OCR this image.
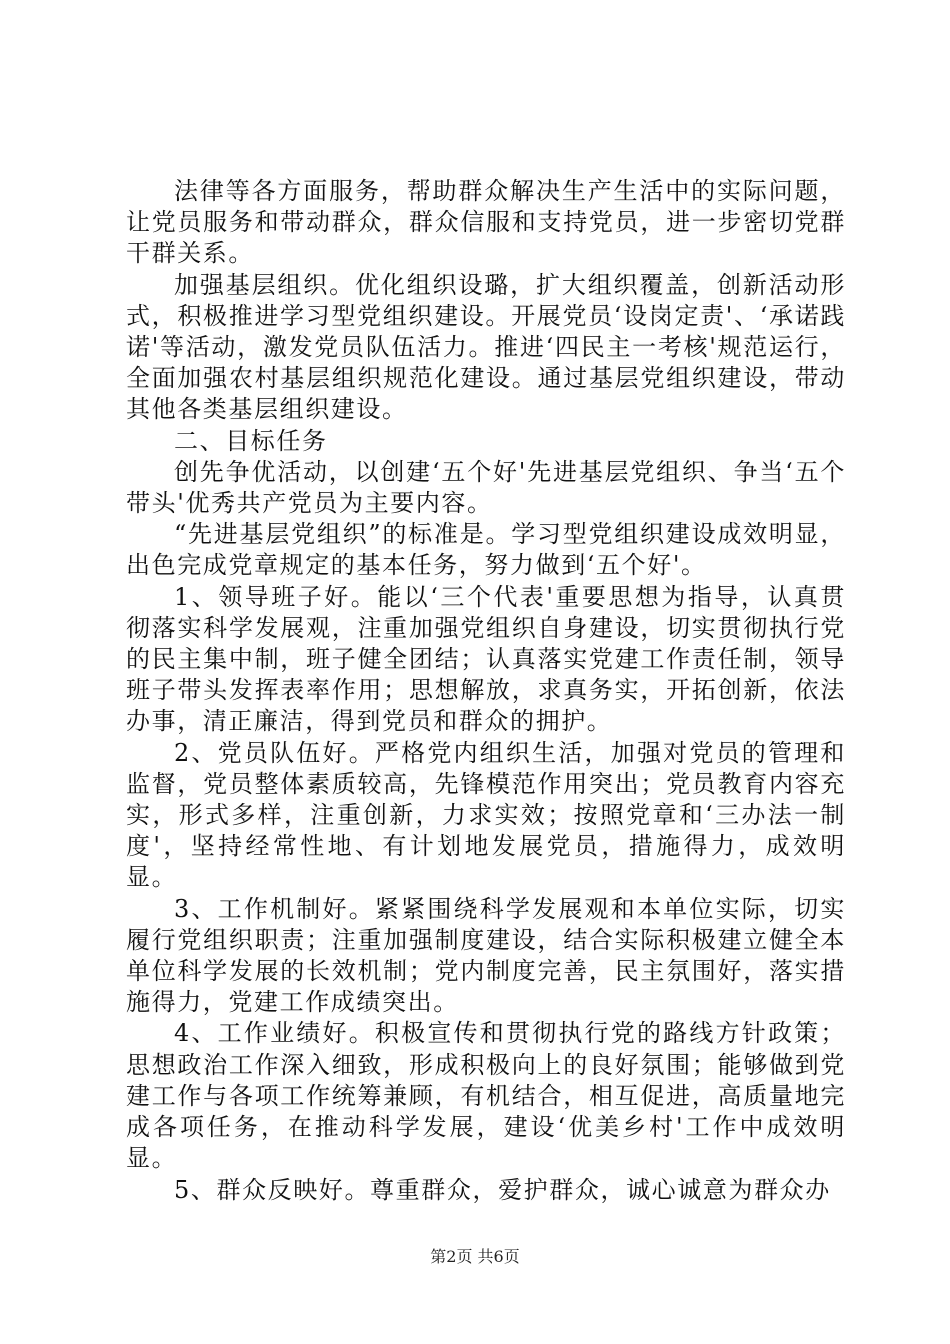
法律等各方面服务，帮助群众解决生产生活中的实际问题，让党员服务和带动群众，群众信服和支持党员，进一步密切党群干群关系。

加强基层组织。优化组织设璐，扩大组织覆盖，创新活动形式，积极推进学习型党组织建设。开展党员‘设岗定责'、‘承诺践诺'等活动，激发党员队伍活力。推进‘四民主一考核'规范运行，全面加强农村基层组织规范化建设。通过基层党组织建设，带动其他各类基层组织建设。

二、目标任务

创先争优活动，以创建‘五个好'先进基层党组织、争当‘五个带头'优秀共产党员为主要内容。

“先进基层党组织”的标准是。学习型党组织建设成效明显，出色完成党章规定的基本任务，努力做到‘五个好'。

1、领导班子好。能以‘三个代表'重要思想为指导，认真贯彻落实科学发展观，注重加强党组织自身建设，切实贯彻执行党的民主集中制，班子健全团结；认真落实党建工作责任制，领导班子带头发挥表率作用；思想解放，求真务实，开拓创新，依法办事，清正廉洁，得到党员和群众的拥护。

2、党员队伍好。严格党内组织生活，加强对党员的管理和监督，党员整体素质较高，先锋模范作用突出；党员教育内容充实，形式多样，注重创新，力求实效；按照党章和‘三办法一制度'，坚持经常性地、有计划地发展党员，措施得力，成效明显。

3、工作机制好。紧紧围绕科学发展观和本单位实际，切实履行党组织职责；注重加强制度建设，结合实际积极建立健全本单位科学发展的长效机制；党内制度完善，民主氛围好，落实措施得力，党建工作成绩突出。

4、工作业绩好。积极宣传和贯彻执行党的路线方针政策；思想政治工作深入细致，形成积极向上的良好氛围；能够做到党建工作与各项工作统筹兼顾，有机结合，相互促进，高质量地完成各项任务，在推动科学发展，建设‘优美乡村'工作中成效明显。

5、群众反映好。尊重群众，爱护群众，诚心诚意为群众办

第2页 共6页
